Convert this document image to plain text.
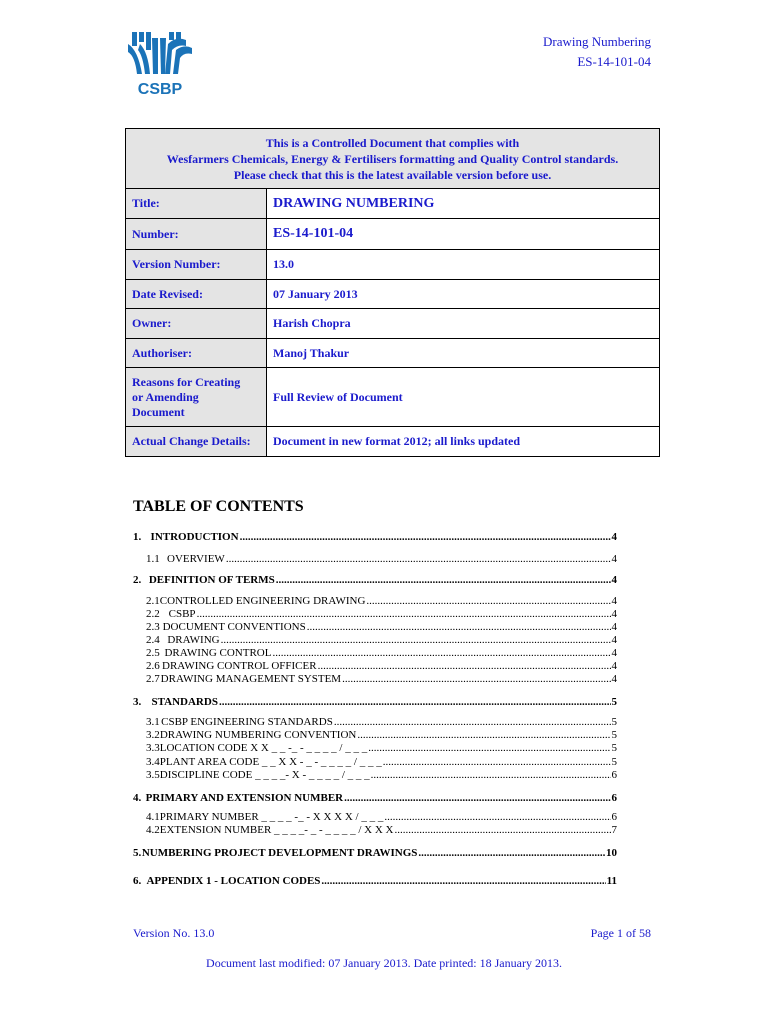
CSBP
Drawing Numbering
ES-14-101-04
This is a Controlled Document that complies with
Wesfarmers Chemicals, Energy & Fertilisers formatting and Quality Control standards.
Please check that this is the latest available version before use.	

Title:	DRAWING NUMBERING
Number:	ES-14-101-04
Version Number:	13.0
Date Revised:	07 January 2013
Owner:	Harish Chopra
Authoriser:	Manoj Thakur

Reasons for Creating
or Amending
Document	Full Review of Document
Actual Change Details:	Document in new format 2012; all links updated
TABLE OF CONTENTS
1. INTRODUCTION .....	4
1.1 OVERVIEW .....	4
2. DEFINITION OF TERMS .....	4
2.1 CONTROLLED ENGINEERING DRAWING .....	4
2.2 CSBP .....	4
2.3 DOCUMENT CONVENTIONS .....	4
2.4 DRAWING .....	4
2.5 DRAWING CONTROL .....	4
2.6 DRAWING CONTROL OFFICER .....	4
2.7 DRAWING MANAGEMENT SYSTEM .....	4
3. STANDARDS .....	5
3.1 CSBP ENGINEERING STANDARDS .....	5
3.2 DRAWING NUMBERING CONVENTION .....	5
3.3 LOCATION CODE X X _ _ -_ - _ _ _ _ / _ _ _ .....	5
3.4 PLANT AREA CODE _ _ X X - _ - _ _ _ _ / _ _ _ .....	5
3.5 DISCIPLINE CODE _ _ _ _- X - _ _ _ _ / _ _ _ .....	6
4. PRIMARY AND EXTENSION NUMBER .....	6
4.1 PRIMARY NUMBER _ _ _ _ -_ - X X X X / _ _ _ .....	6
4.2 EXTENSION NUMBER _ _ _ _- _ - _ _ _ _ / X X X .....	7
5. NUMBERING PROJECT DEVELOPMENT DRAWINGS .....	10
6. APPENDIX 1 - LOCATION CODES .....	11
Version No. 13.0	Page 1 of 58
Document last modified: 07 January 2013. Date printed: 18 January 2013.
